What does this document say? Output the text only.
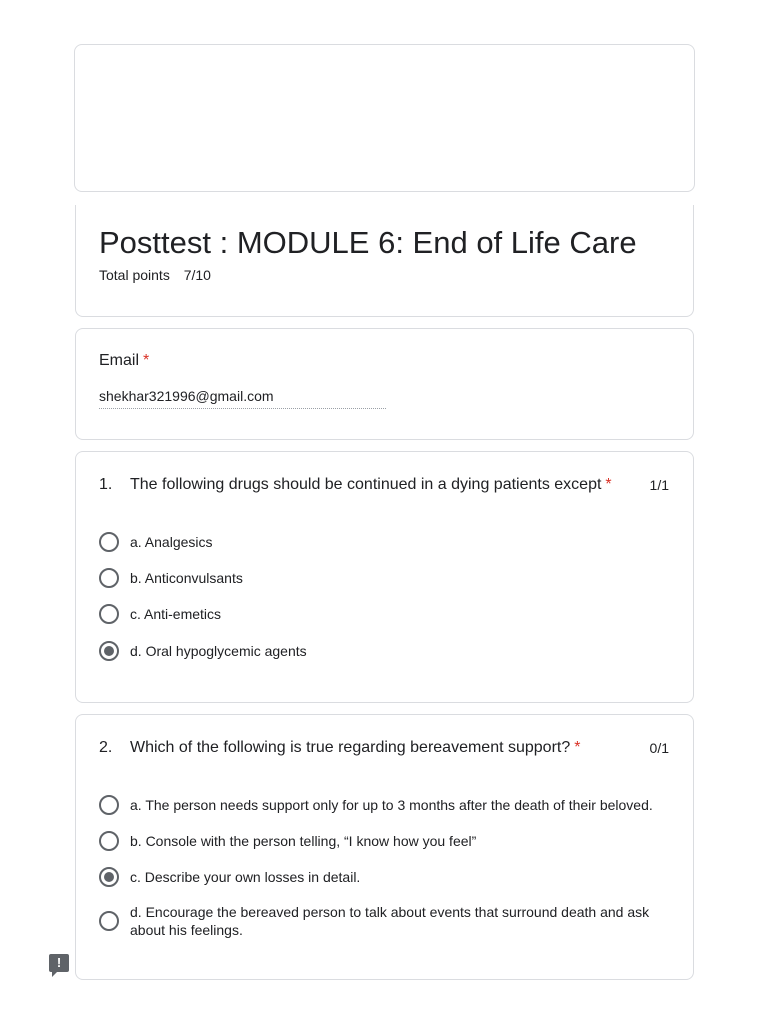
Posttest : MODULE 6: End of Life Care
Total points 7/10
Email *
shekhar321996@gmail.com
1. The following drugs should be continued in a dying patients except *	1/1
a. Analgesics
b. Anticonvulsants
c. Anti-emetics
d. Oral hypoglycemic agents
2. Which of the following is true regarding bereavement support? *	0/1
a. The person needs support only for up to 3 months after the death of their beloved.
b. Console with the person telling, “I know how you feel”
c. Describe your own losses in detail.
d. Encourage the bereaved person to talk about events that surround death and ask about his feelings.
!
